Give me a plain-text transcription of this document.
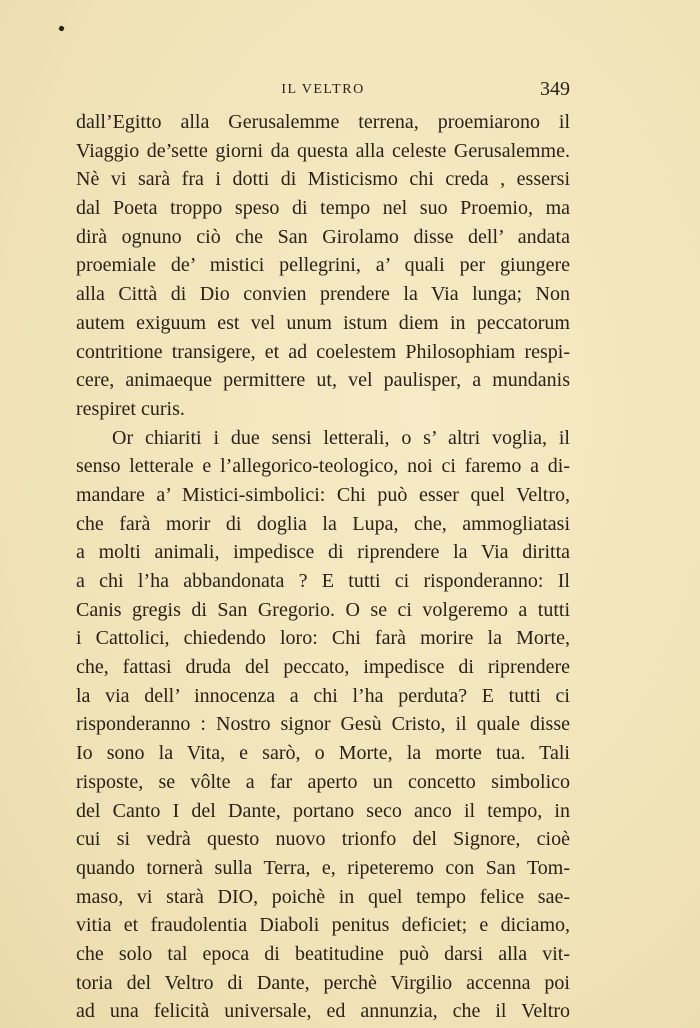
IL VELTRO	349
dall’Egitto alla Gerusalemme terrena, proemiarono il
Viaggio de’sette giorni da questa alla celeste Gerusalemme.
Nè vi sarà fra i dotti di Misticismo chi creda , essersi
dal Poeta troppo speso di tempo nel suo Proemio, ma
dirà ognuno ciò che San Girolamo disse dell’ andata
proemiale de’ mistici pellegrini, a’ quali per giungere
alla Città di Dio convien prendere la Via lunga; Non
autem exiguum est vel unum istum diem in peccatorum
contritione transigere, et ad coelestem Philosophiam respi-
cere, animaeque permittere ut, vel paulisper, a mundanis
respiret curis.
Or chiariti i due sensi letterali, o s’ altri voglia, il
senso letterale e l’allegorico-teologico, noi ci faremo a di-
mandare a’ Mistici-simbolici: Chi può esser quel Veltro,
che farà morir di doglia la Lupa, che, ammogliatasi
a molti animali, impedisce di riprendere la Via diritta
a chi l’ha abbandonata ? E tutti ci risponderanno: Il
Canis gregis di San Gregorio. O se ci volgeremo a tutti
i Cattolici, chiedendo loro: Chi farà morire la Morte,
che, fattasi druda del peccato, impedisce di riprendere
la via dell’ innocenza a chi l’ha perduta? E tutti ci
risponderanno : Nostro signor Gesù Cristo, il quale disse
Io sono la Vita, e sarò, o Morte, la morte tua. Tali
risposte, se vôlte a far aperto un concetto simbolico
del Canto I del Dante, portano seco anco il tempo, in
cui si vedrà questo nuovo trionfo del Signore, cioè
quando tornerà sulla Terra, e, ripeteremo con San Tom-
maso, vi starà DIO, poichè in quel tempo felice sae-
vitia et fraudolentia Diaboli penitus deficiet; e diciamo,
che solo tal epoca di beatitudine può darsi alla vit-
toria del Veltro di Dante, perchè Virgilio accenna poi
ad una felicità universale, ed annunzia, che il Veltro
